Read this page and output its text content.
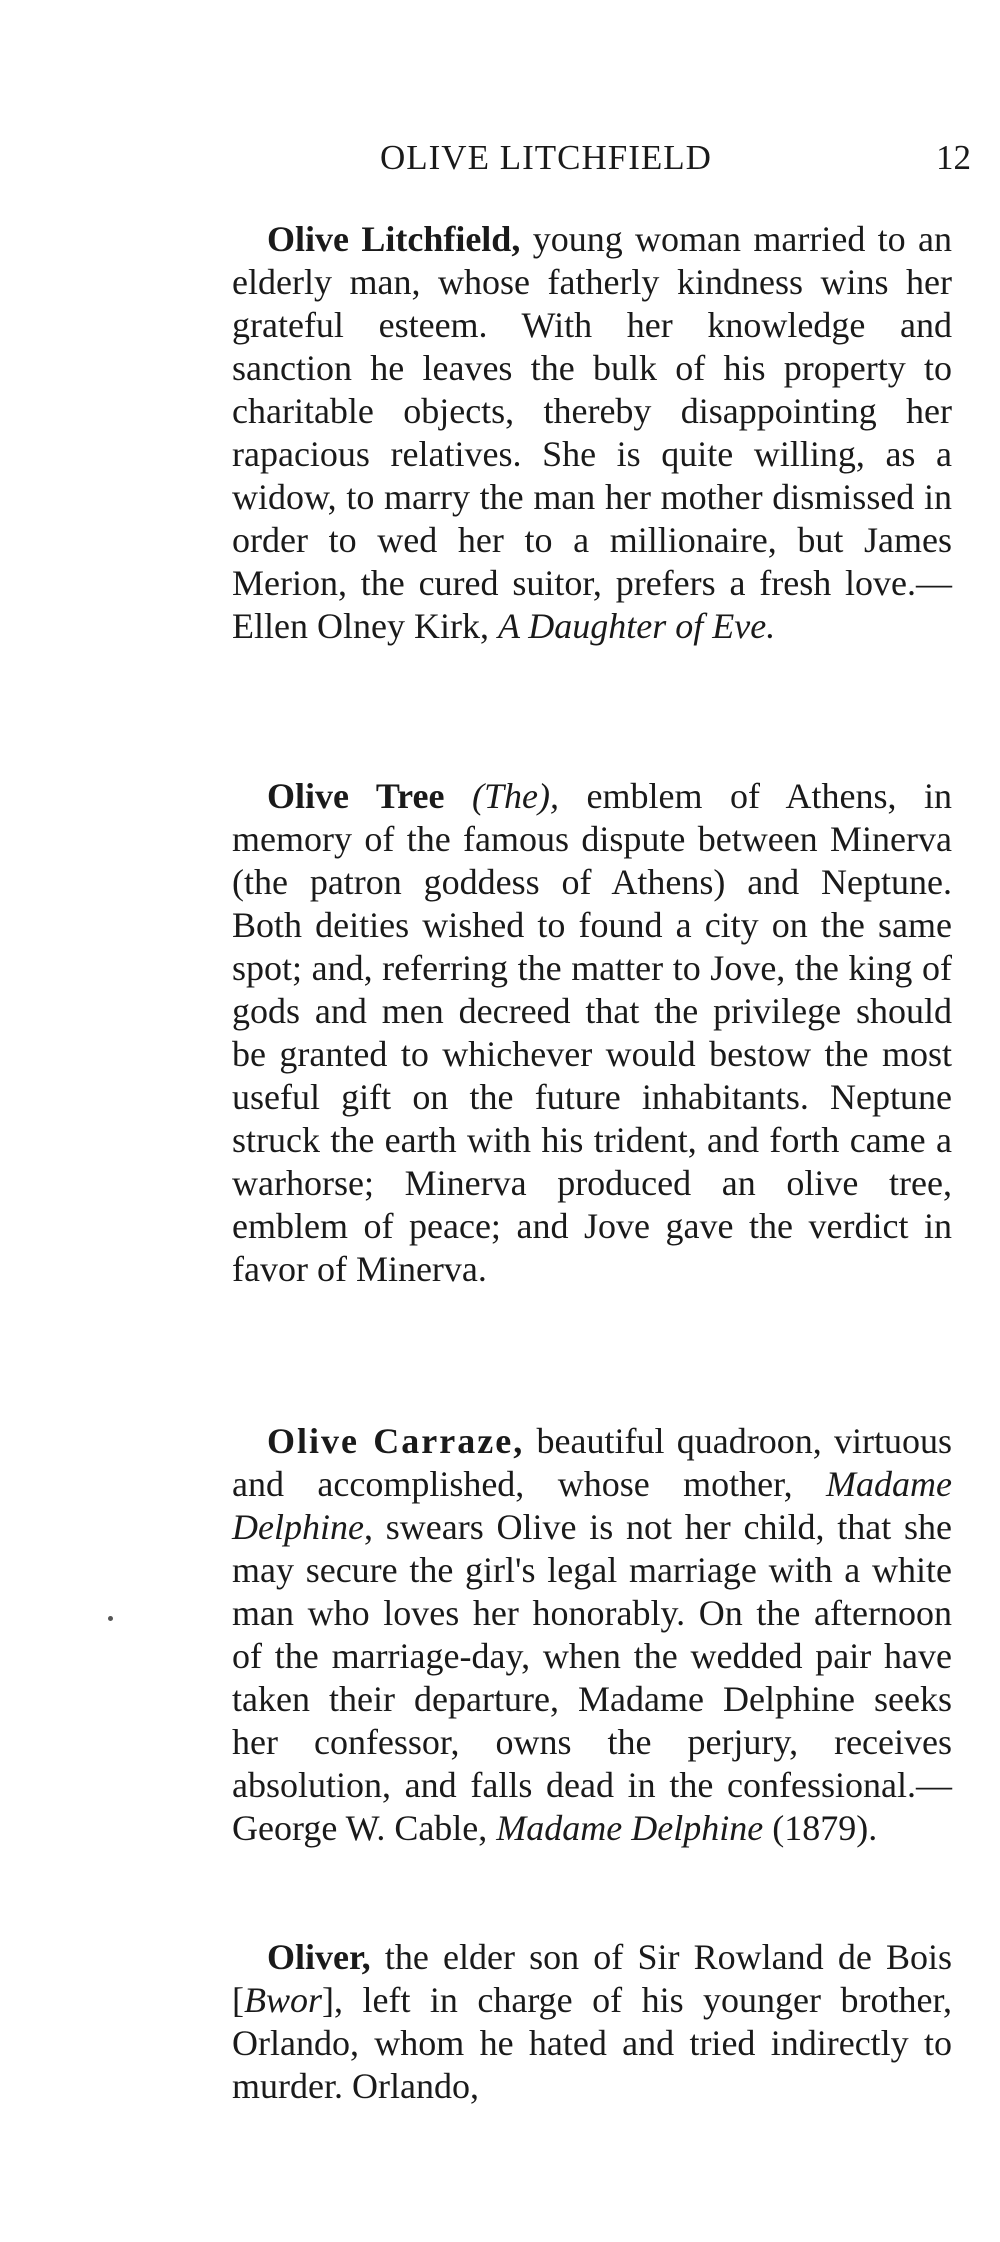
OLIVE LITCHFIELD	12

Olive Litchfield, young woman married to an elderly man, whose fatherly kindness wins her grateful esteem. With her knowledge and sanction he leaves the bulk of his property to charitable objects, thereby disappointing her rapacious relatives. She is quite willing, as a widow, to marry the man her mother dismissed in order to wed her to a millionaire, but James Merion, the cured suitor, prefers a fresh love.—Ellen Olney Kirk, A Daughter of Eve.

Olive Tree (The), emblem of Athens, in memory of the famous dispute between Minerva (the patron goddess of Athens) and Neptune. Both deities wished to found a city on the same spot; and, referring the matter to Jove, the king of gods and men decreed that the privilege should be granted to whichever would bestow the most useful gift on the future inhabitants. Neptune struck the earth with his trident, and forth came a warhorse; Minerva produced an olive tree, emblem of peace; and Jove gave the verdict in favor of Minerva.

Olive Carraze, beautiful quadroon, virtuous and accomplished, whose mother, Madame Delphine, swears Olive is not her child, that she may secure the girl's legal marriage with a white man who loves her honorably. On the afternoon of the marriage-day, when the wedded pair have taken their departure, Madame Delphine seeks her confessor, owns the perjury, receives absolution, and falls dead in the confessional.—George W. Cable, Madame Delphine (1879).

Oliver, the elder son of Sir Rowland de Bois [Bwor], left in charge of his younger brother, Orlando, whom he hated and tried indirectly to murder. Orlando,
